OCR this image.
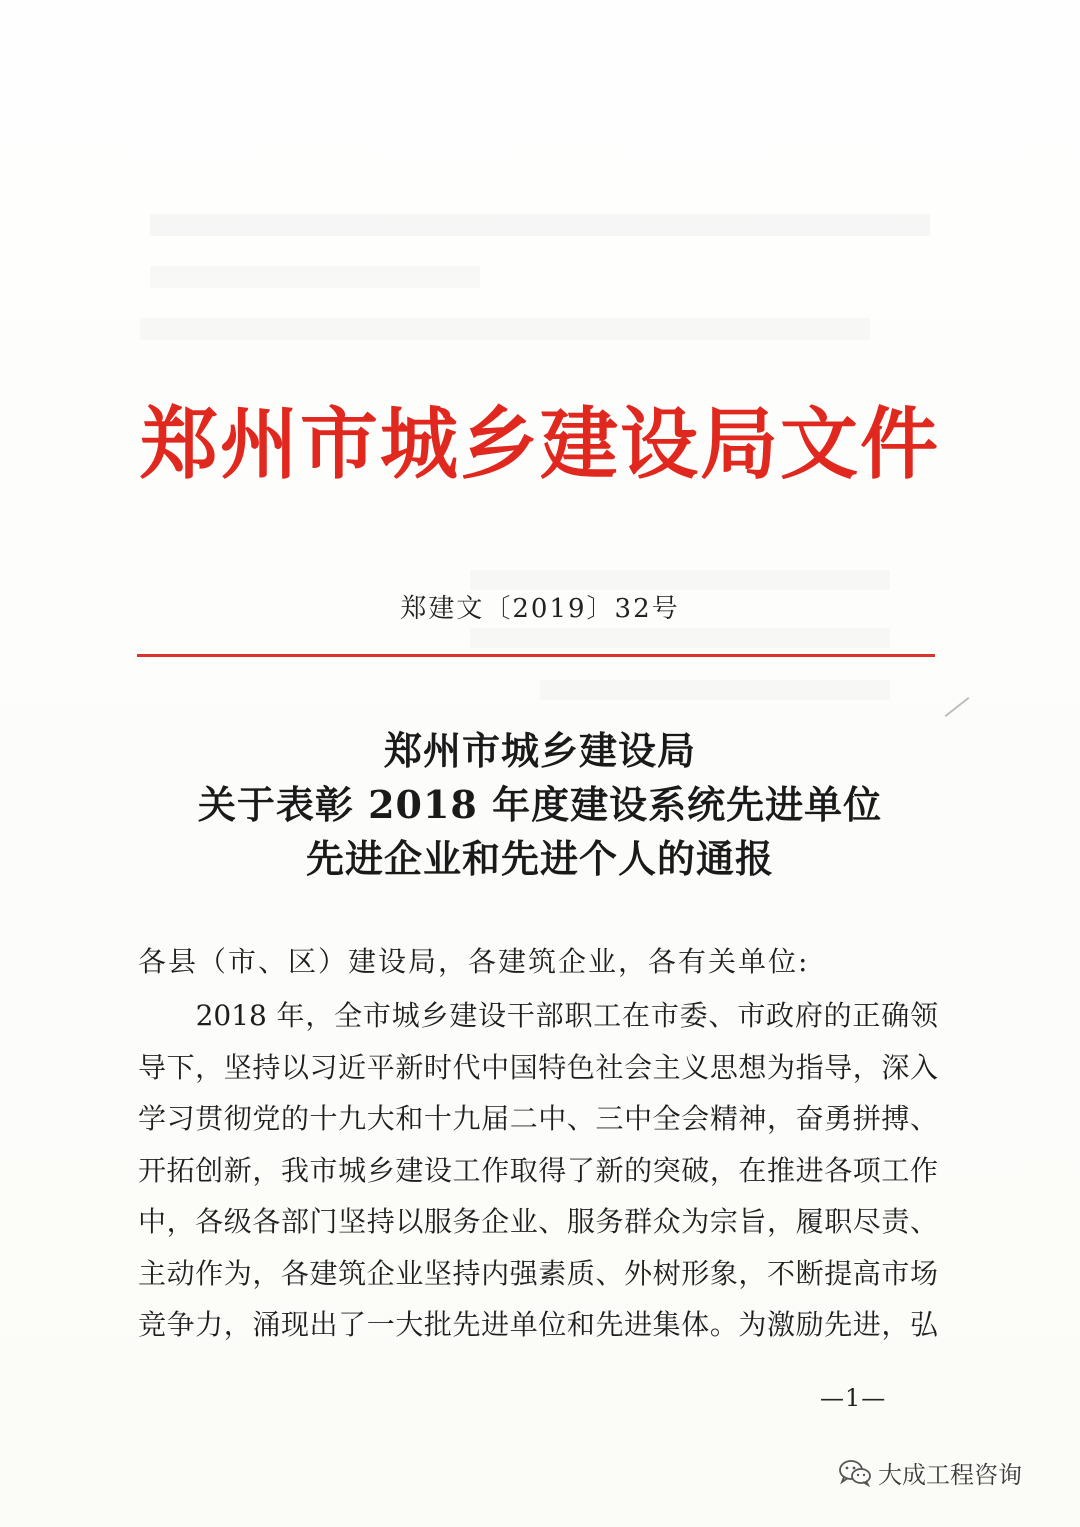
郑州市城乡建设局文件
郑建文〔2019〕32号
郑州市城乡建设局
关于表彰 2018 年度建设系统先进单位
先进企业和先进个人的通报
各县（市、区）建设局，各建筑企业，各有关单位:
　　2018 年，全市城乡建设干部职工在市委、市政府的正确领
导下，坚持以习近平新时代中国特色社会主义思想为指导，深入
学习贯彻党的十九大和十九届二中、三中全会精神，奋勇拼搏、
开拓创新，我市城乡建设工作取得了新的突破，在推进各项工作
中，各级各部门坚持以服务企业、服务群众为宗旨，履职尽责、
主动作为，各建筑企业坚持内强素质、外树形象，不断提高市场
竞争力，涌现出了一大批先进单位和先进集体。为激励先进，弘
—1—
大成工程咨询
